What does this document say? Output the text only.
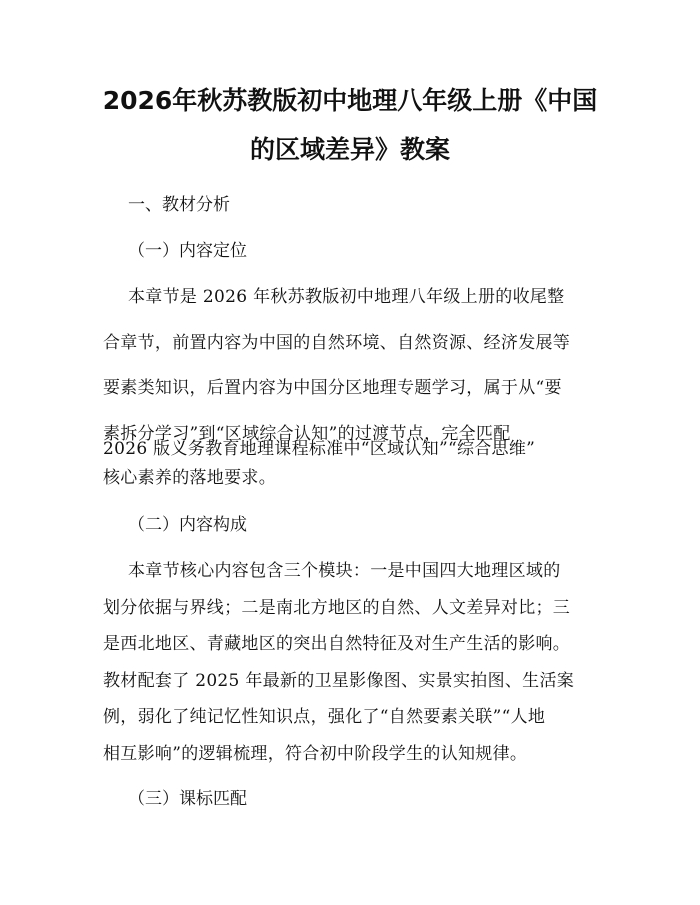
2026年秋苏教版初中地理八年级上册《中国
的区域差异》教案

一、教材分析

（一）内容定位

本章节是 2026 年秋苏教版初中地理八年级上册的收尾整

合章节，前置内容为中国的自然环境、自然资源、经济发展等

要素类知识，后置内容为中国分区地理专题学习，属于从“要

素拆分学习”到“区域综合认知”的过渡节点，完全匹配

2026 版义务教育地理课程标准中“区域认知”“综合思维”

核心素养的落地要求。

（二）内容构成

本章节核心内容包含三个模块：一是中国四大地理区域的

划分依据与界线；二是南北方地区的自然、人文差异对比；三

是西北地区、青藏地区的突出自然特征及对生产生活的影响。

教材配套了 2025 年最新的卫星影像图、实景实拍图、生活案

例，弱化了纯记忆性知识点，强化了“自然要素关联”“人地

相互影响”的逻辑梳理，符合初中阶段学生的认知规律。

（三）课标匹配
